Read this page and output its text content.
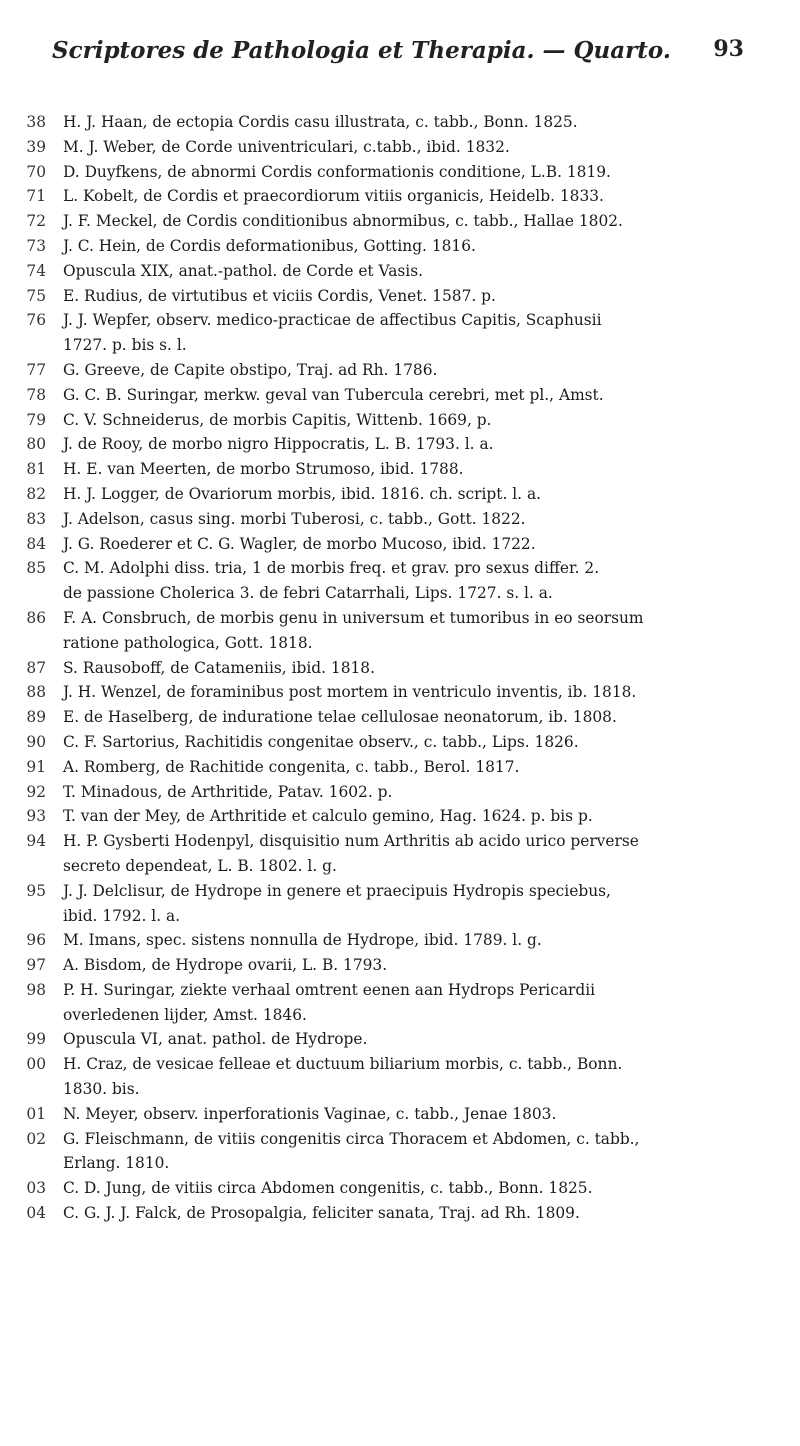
Scriptores de Pathologia et Therapia. — Quarto. 93
38 H. J. Haan, de ectopia Cordis casu illustrata, c. tabb., Bonn. 1825.
39 M. J. Weber, de Corde univentriculari, c.tabb., ibid. 1832.
70 D. Duyfkens, de abnormi Cordis conformationis conditione, L.B. 1819.
71 L. Kobelt, de Cordis et praecordiorum vitiis organicis, Heidelb. 1833.
72 J. F. Meckel, de Cordis conditionibus abnormibus, c. tabb., Hallae 1802.
73 J. C. Hein, de Cordis deformationibus, Gotting. 1816.
74 Opuscula XIX, anat.-pathol. de Corde et Vasis.
75 E. Rudius, de virtutibus et viciis Cordis, Venet. 1587. p.
76 J. J. Wepfer, observ. medico-practicae de affectibus Capitis, Scaphusii
1727. p. bis s. l.
77 G. Greeve, de Capite obstipo, Traj. ad Rh. 1786.
78 G. C. B. Suringar, merkw. geval van Tubercula cerebri, met pl., Amst.
79 C. V. Schneiderus, de morbis Capitis, Wittenb. 1669, p.
80 J. de Rooy, de morbo nigro Hippocratis, L. B. 1793. l. a.
81 H. E. van Meerten, de morbo Strumoso, ibid. 1788.
82 H. J. Logger, de Ovariorum morbis, ibid. 1816. ch. script. l. a.
83 J. Adelson, casus sing. morbi Tuberosi, c. tabb., Gott. 1822.
84 J. G. Roederer et C. G. Wagler, de morbo Mucoso, ibid. 1722.
85 C. M. Adolphi diss. tria, 1 de morbis freq. et grav. pro sexus differ. 2.
de passione Cholerica 3. de febri Catarrhali, Lips. 1727. s. l. a.
86 F. A. Consbruch, de morbis genu in universum et tumoribus in eo seorsum
ratione pathologica, Gott. 1818.
87 S. Rausoboff, de Catameniis, ibid. 1818.
88 J. H. Wenzel, de foraminibus post mortem in ventriculo inventis, ib. 1818.
89 E. de Haselberg, de induratione telae cellulosae neonatorum, ib. 1808.
90 C. F. Sartorius, Rachitidis congenitae observ., c. tabb., Lips. 1826.
91 A. Romberg, de Rachitide congenita, c. tabb., Berol. 1817.
92 T. Minadous, de Arthritide, Patav. 1602. p.
93 T. van der Mey, de Arthritide et calculo gemino, Hag. 1624. p. bis p.
94 H. P. Gysberti Hodenpyl, disquisitio num Arthritis ab acido urico perverse
secreto dependeat, L. B. 1802. l. g.
95 J. J. Delclisur, de Hydrope in genere et praecipuis Hydropis speciebus,
ibid. 1792. l. a.
96 M. Imans, spec. sistens nonnulla de Hydrope, ibid. 1789. l. g.
97 A. Bisdom, de Hydrope ovarii, L. B. 1793.
98 P. H. Suringar, ziekte verhaal omtrent eenen aan Hydrops Pericardii
overledenen lijder, Amst. 1846.
99 Opuscula VI, anat. pathol. de Hydrope.
00 H. Craz, de vesicae felleae et ductuum biliarium morbis, c. tabb., Bonn.
1830. bis.
01 N. Meyer, observ. inperforationis Vaginae, c. tabb., Jenae 1803.
02 G. Fleischmann, de vitiis congenitis circa Thoracem et Abdomen, c. tabb.,
Erlang. 1810.
03 C. D. Jung, de vitiis circa Abdomen congenitis, c. tabb., Bonn. 1825.
04 C. G. J. J. Falck, de Prosopalgia, feliciter sanata, Traj. ad Rh. 1809.
